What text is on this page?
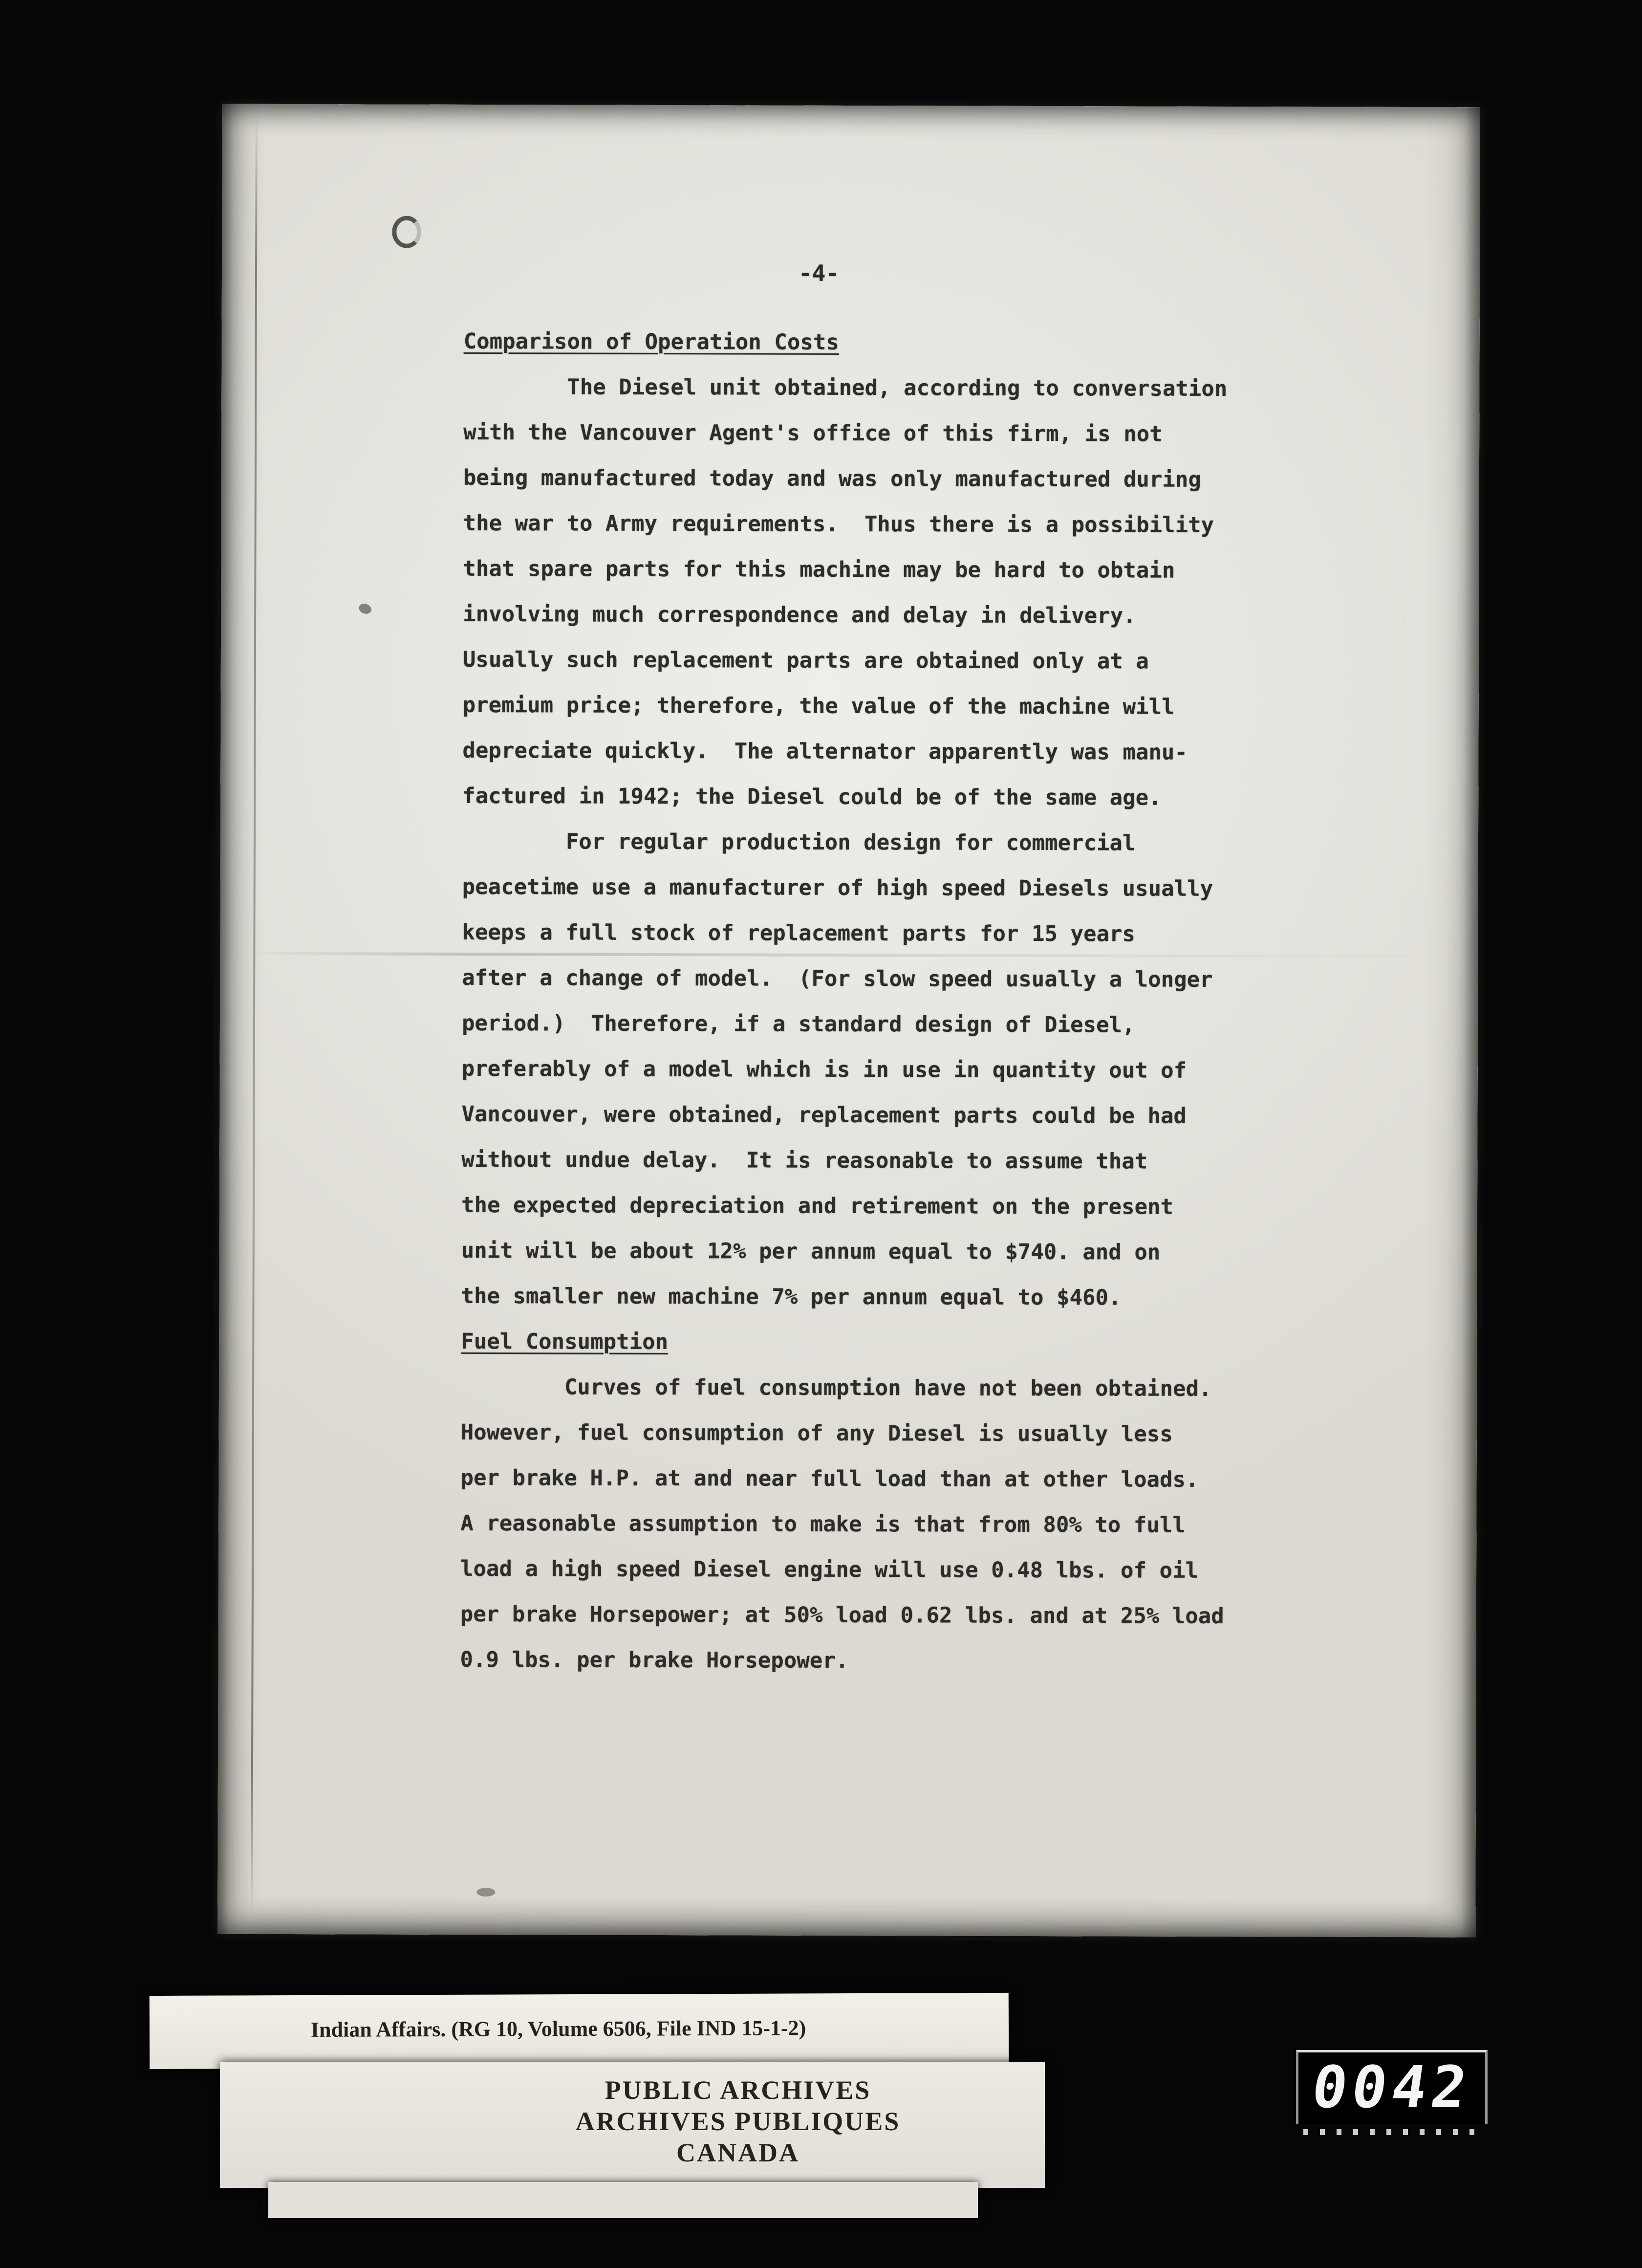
-4-
Comparison of Operation Costs
The Diesel unit obtained, according to conversation
with the Vancouver Agent's office of this firm, is not
being manufactured today and was only manufactured during
the war to Army requirements.  Thus there is a possibility
that spare parts for this machine may be hard to obtain
involving much correspondence and delay in delivery.
Usually such replacement parts are obtained only at a
premium price; therefore, the value of the machine will
depreciate quickly.  The alternator apparently was manu-
factured in 1942; the Diesel could be of the same age.
For regular production design for commercial
peacetime use a manufacturer of high speed Diesels usually
keeps a full stock of replacement parts for 15 years
after a change of model.  (For slow speed usually a longer
period.)  Therefore, if a standard design of Diesel,
preferably of a model which is in use in quantity out of
Vancouver, were obtained, replacement parts could be had
without undue delay.  It is reasonable to assume that
the expected depreciation and retirement on the present
unit will be about 12% per annum equal to $740. and on
the smaller new machine 7% per annum equal to $460.
Fuel Consumption
Curves of fuel consumption have not been obtained.
However, fuel consumption of any Diesel is usually less
per brake H.P. at and near full load than at other loads.
A reasonable assumption to make is that from 80% to full
load a high speed Diesel engine will use 0.48 lbs. of oil
per brake Horsepower; at 50% load 0.62 lbs. and at 25% load
0.9 lbs. per brake Horsepower.
Indian Affairs. (RG 10, Volume 6506, File IND 15-1-2)
PUBLIC ARCHIVES
ARCHIVES PUBLIQUES
CANADA
0042
